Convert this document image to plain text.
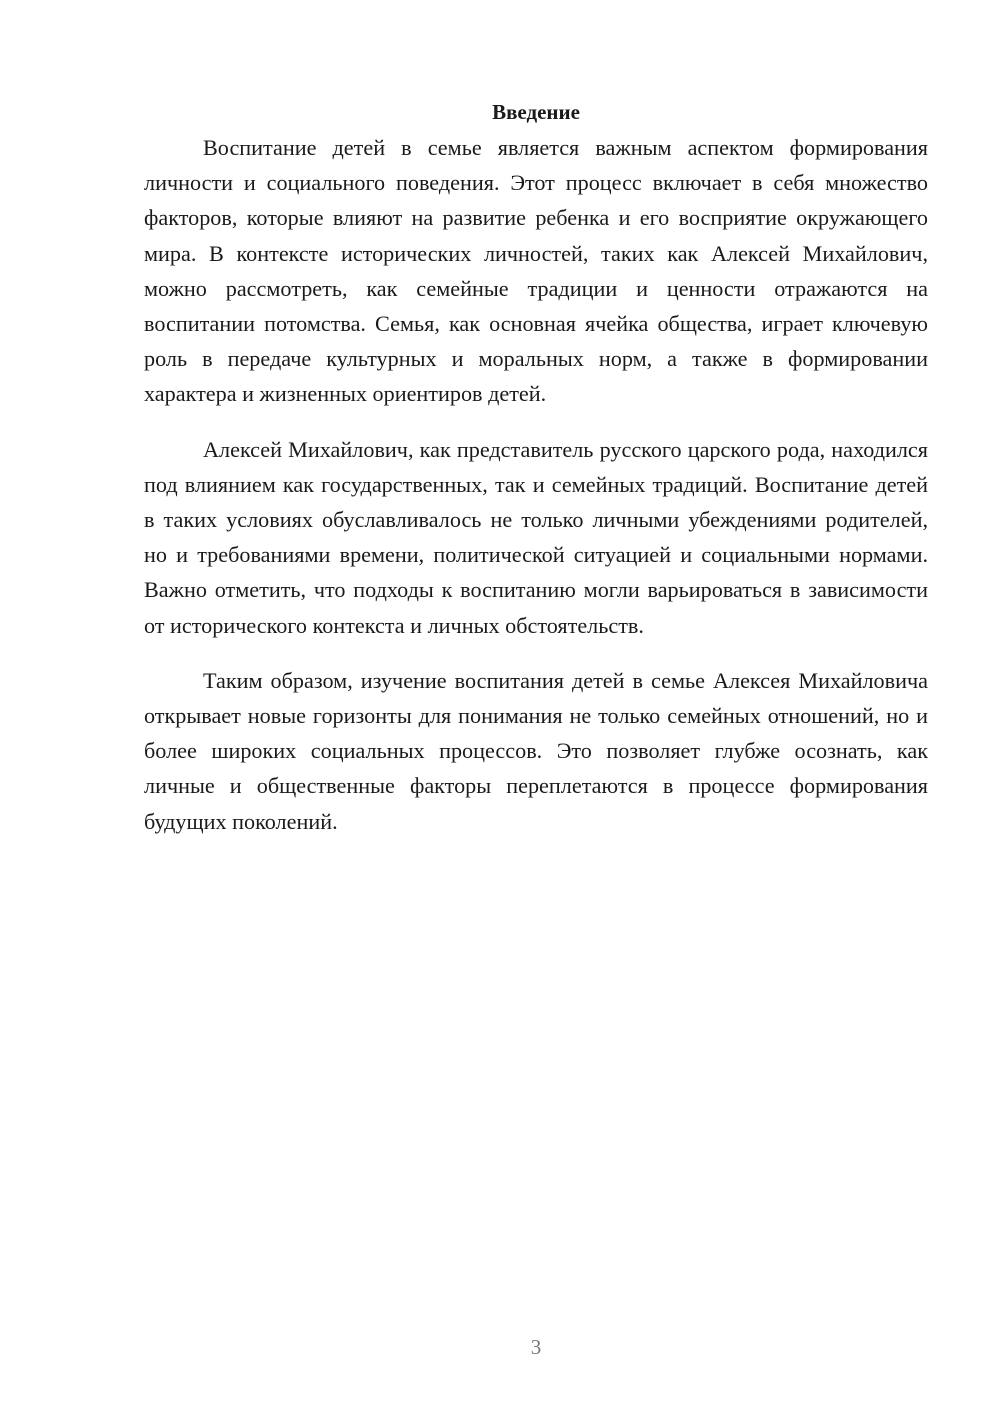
Введение

Воспитание детей в семье является важным аспектом формирования личности и социального поведения. Этот процесс включает в себя множество факторов, которые влияют на развитие ребенка и его восприятие окружающего мира. В контексте исторических личностей, таких как Алексей Михайлович, можно рассмотреть, как семейные традиции и ценности отражаются на воспитании потомства. Семья, как основная ячейка общества, играет ключевую роль в передаче культурных и моральных норм, а также в формировании характера и жизненных ориентиров детей.

Алексей Михайлович, как представитель русского царского рода, находился под влиянием как государственных, так и семейных традиций. Воспитание детей в таких условиях обуславливалось не только личными убеждениями родителей, но и требованиями времени, политической ситуацией и социальными нормами. Важно отметить, что подходы к воспитанию могли варьироваться в зависимости от исторического контекста и личных обстоятельств.

Таким образом, изучение воспитания детей в семье Алексея Михайловича открывает новые горизонты для понимания не только семейных отношений, но и более широких социальных процессов. Это позволяет глубже осознать, как личные и общественные факторы переплетаются в процессе формирования будущих поколений.

3
